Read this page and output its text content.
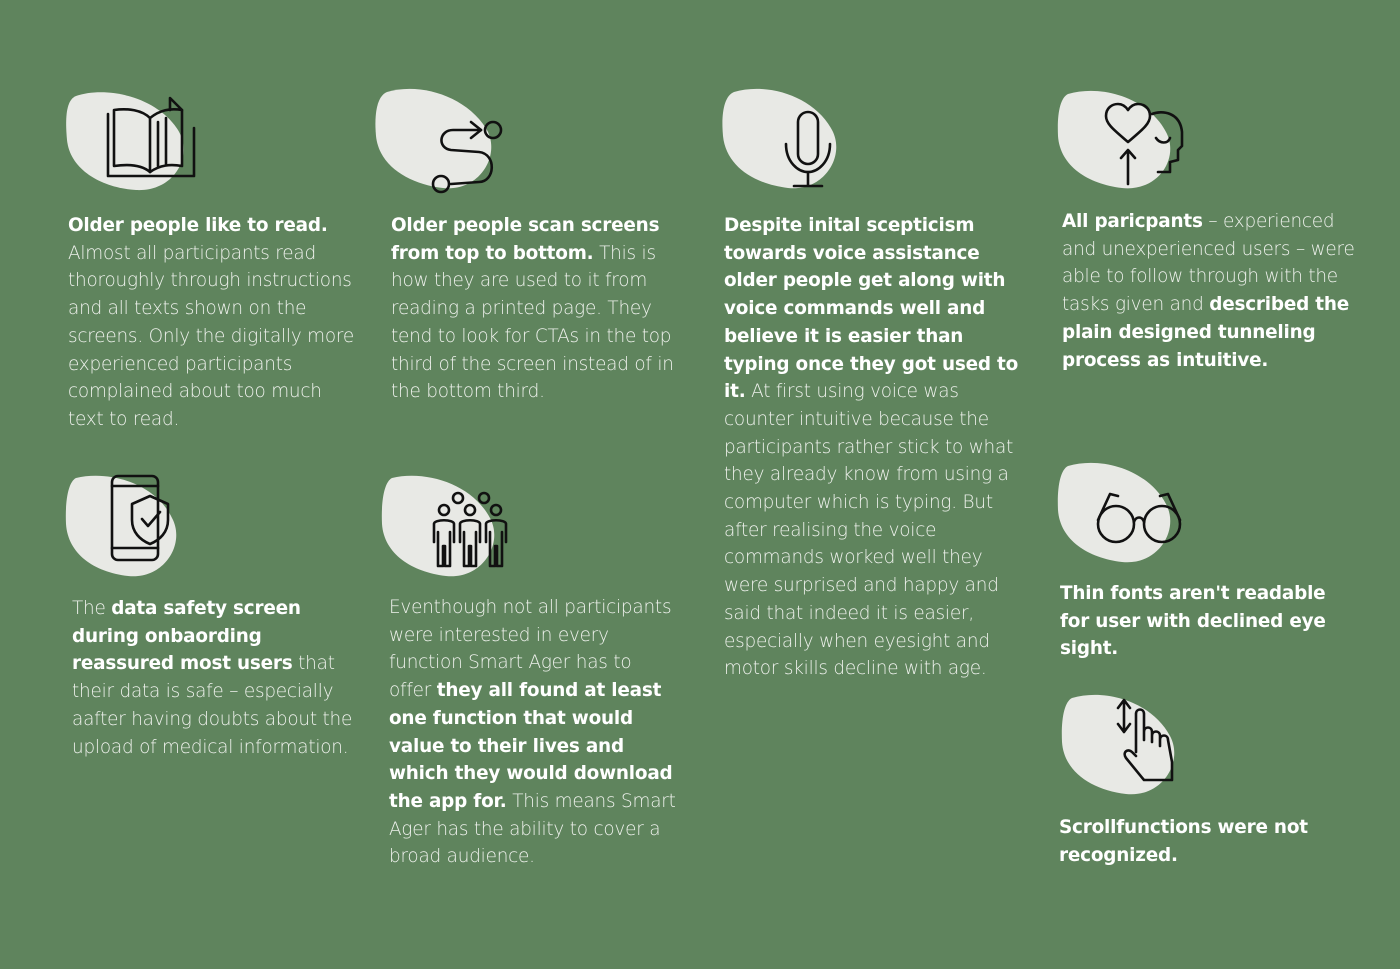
Older people like to read. Almost all participants read thoroughly through instructions and all texts shown on the screens. Only the digitally more experienced participants complained about too much text to read.
Older people scan screens from top to bottom. This is how they are used to it from reading a printed page. They tend to look for CTAs in the top third of the screen instead of in the bottom third.
Despite inital scepticism towards voice assistance older people get along with voice commands well and believe it is easier than typing once they got used to it. At first using voice was counter intuitive because the participants rather stick to what they already know from using a computer which is typing. But after realising the voice commands worked well they were surprised and happy and said that indeed it is easier, especially when eyesight and motor skills decline with age.
All paricpants – experienced and unexperienced users – were able to follow through with the tasks given and described the plain designed tunneling process as intuitive.
The data safety screen during onbaording reassured most users that their data is safe – especially aafter having doubts about the upload of medical information.
Eventhough not all participants were interested in every function Smart Ager has to offer they all found at least one function that would value to their lives and which they would download the app for. This means Smart Ager has the ability to cover a broad audience.
Thin fonts aren't readable for user with declined eye sight.
Scrollfunctions were not recognized.
